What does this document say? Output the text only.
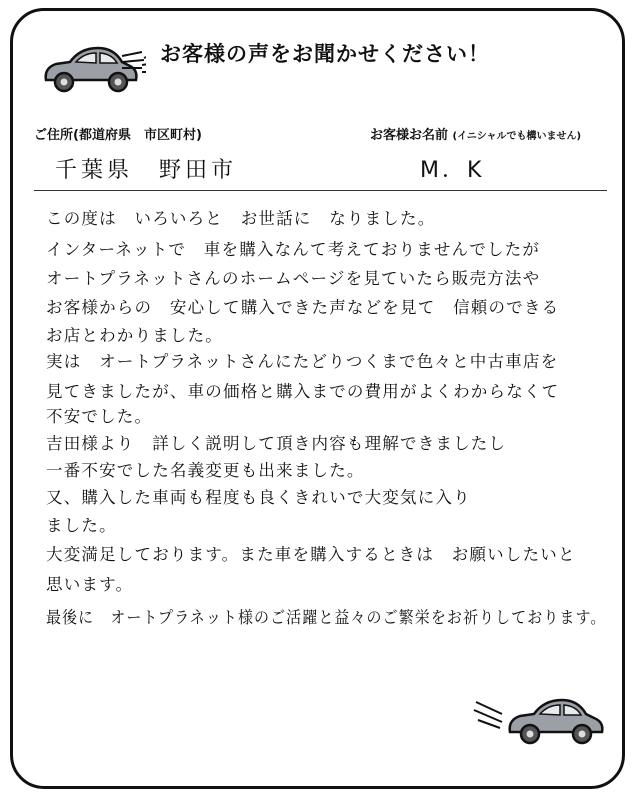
お客様の声をお聞かせください！
ご住所(都道府県　市区町村)	お客様お名前 (イニシャルでも構いません)
千葉県　野田市	M．K
この度は　いろいろと　お世話に　なりました。
インターネットで　車を購入なんて考えておりませんでしたが
オートプラネットさんのホームページを見ていたら販売方法や
お客様からの　安心して購入できた声などを見て　信頼のできる
お店とわかりました。
実は　オートプラネットさんにたどりつくまで色々と中古車店を
見てきましたが、車の価格と購入までの費用がよくわからなくて
不安でした。
吉田様より　詳しく説明して頂き内容も理解できましたし
一番不安でした名義変更も出来ました。
又、購入した車両も程度も良くきれいで大変気に入り
ました。
大変満足しております。また車を購入するときは　お願いしたいと
思います。
最後に　オートプラネット様のご活躍と益々のご繁栄をお祈りしております。
